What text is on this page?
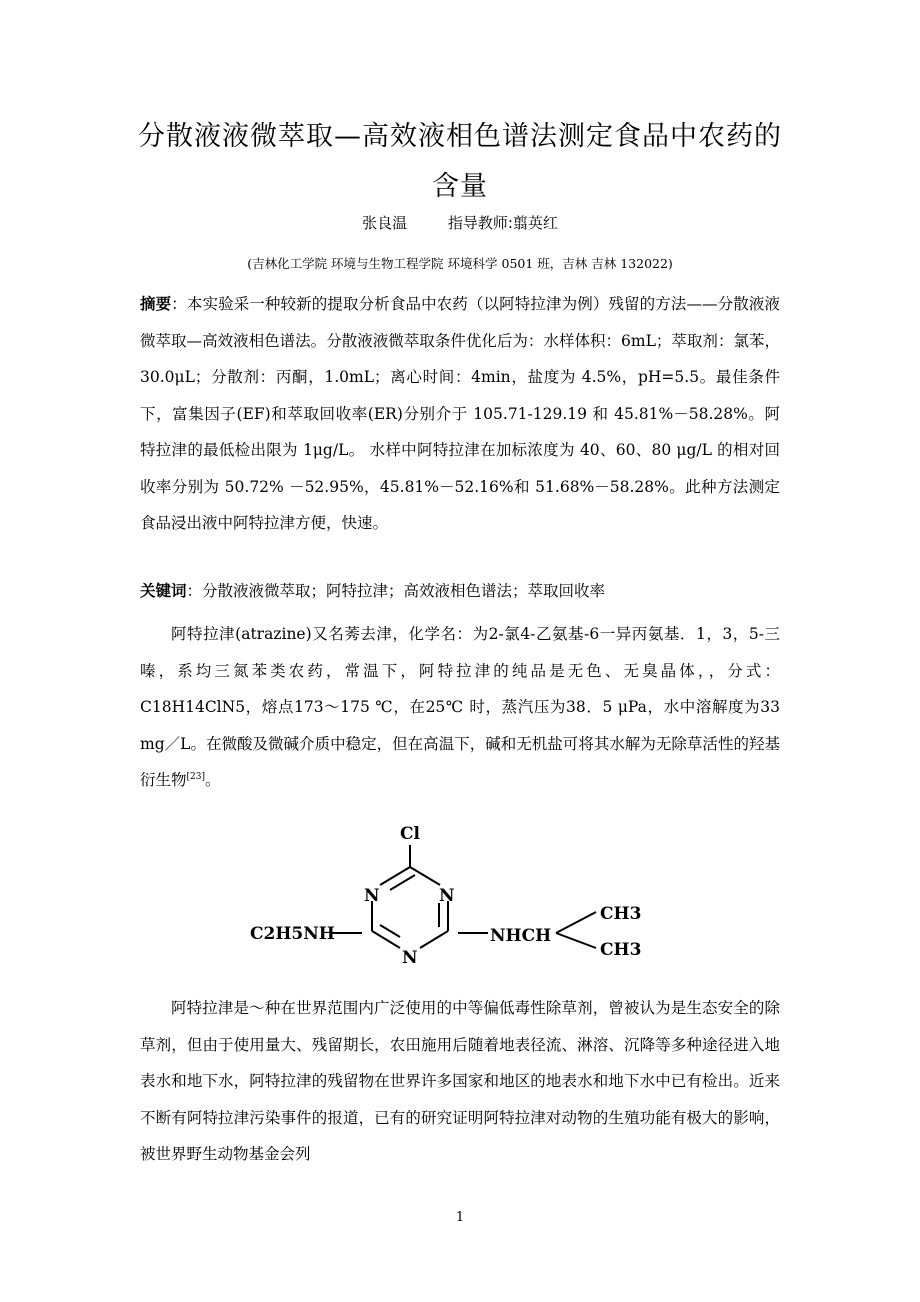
分散液液微萃取—高效液相色谱法测定食品中农药的含量
张良温	指导教师:翦英红
(吉林化工学院 环境与生物工程学院 环境科学 0501 班，吉林 吉林 132022)
摘要：本实验采一种较新的提取分析食品中农药（以阿特拉津为例）残留的方法——分散液液微萃取—高效液相色谱法。分散液液微萃取条件优化后为：水样体积：6mL；萃取剂：氯苯，30.0μL；分散剂：丙酮，1.0mL；离心时间：4min，盐度为 4.5%，pH=5.5。最佳条件下，富集因子(EF)和萃取回收率(ER)分别介于 105.71-129.19 和 45.81%－58.28%。阿特拉津的最低检出限为 1μg/L。 水样中阿特拉津在加标浓度为 40、60、80 μg/L 的相对回收率分别为 50.72% －52.95%，45.81%－52.16%和 51.68%－58.28%。此种方法测定食品浸出液中阿特拉津方便，快速。
关键词：分散液液微萃取；阿特拉津；高效液相色谱法；萃取回收率
阿特拉津(atrazine)又名莠去津，化学名：为2-氯4-乙氨基-6一异丙氨基．1，3，5-三嗪，系均三氮苯类农药，常温下，阿特拉津的纯品是无色、无臭晶体，，分式：C18H14ClN5，熔点173～175 ℃，在25℃ 时，蒸汽压为38．5 μPa，水中溶解度为33 mg／L。在微酸及微碱介质中稳定，但在高温下，碱和无机盐可将其水解为无除草活性的羟基衍生物[23]。
Cl
N	N
N
C2H5NH	NHCH
CH3
CH3
阿特拉津是～种在世界范围内广泛使用的中等偏低毒性除草剂，曾被认为是生态安全的除草剂，但由于使用量大、残留期长，农田施用后随着地表径流、淋溶、沉降等多种途径进入地表水和地下水，阿特拉津的残留物在世界许多国家和地区的地表水和地下水中已有检出。近来不断有阿特拉津污染事件的报道，已有的研究证明阿特拉津对动物的生殖功能有极大的影响，被世界野生动物基金会列
1
